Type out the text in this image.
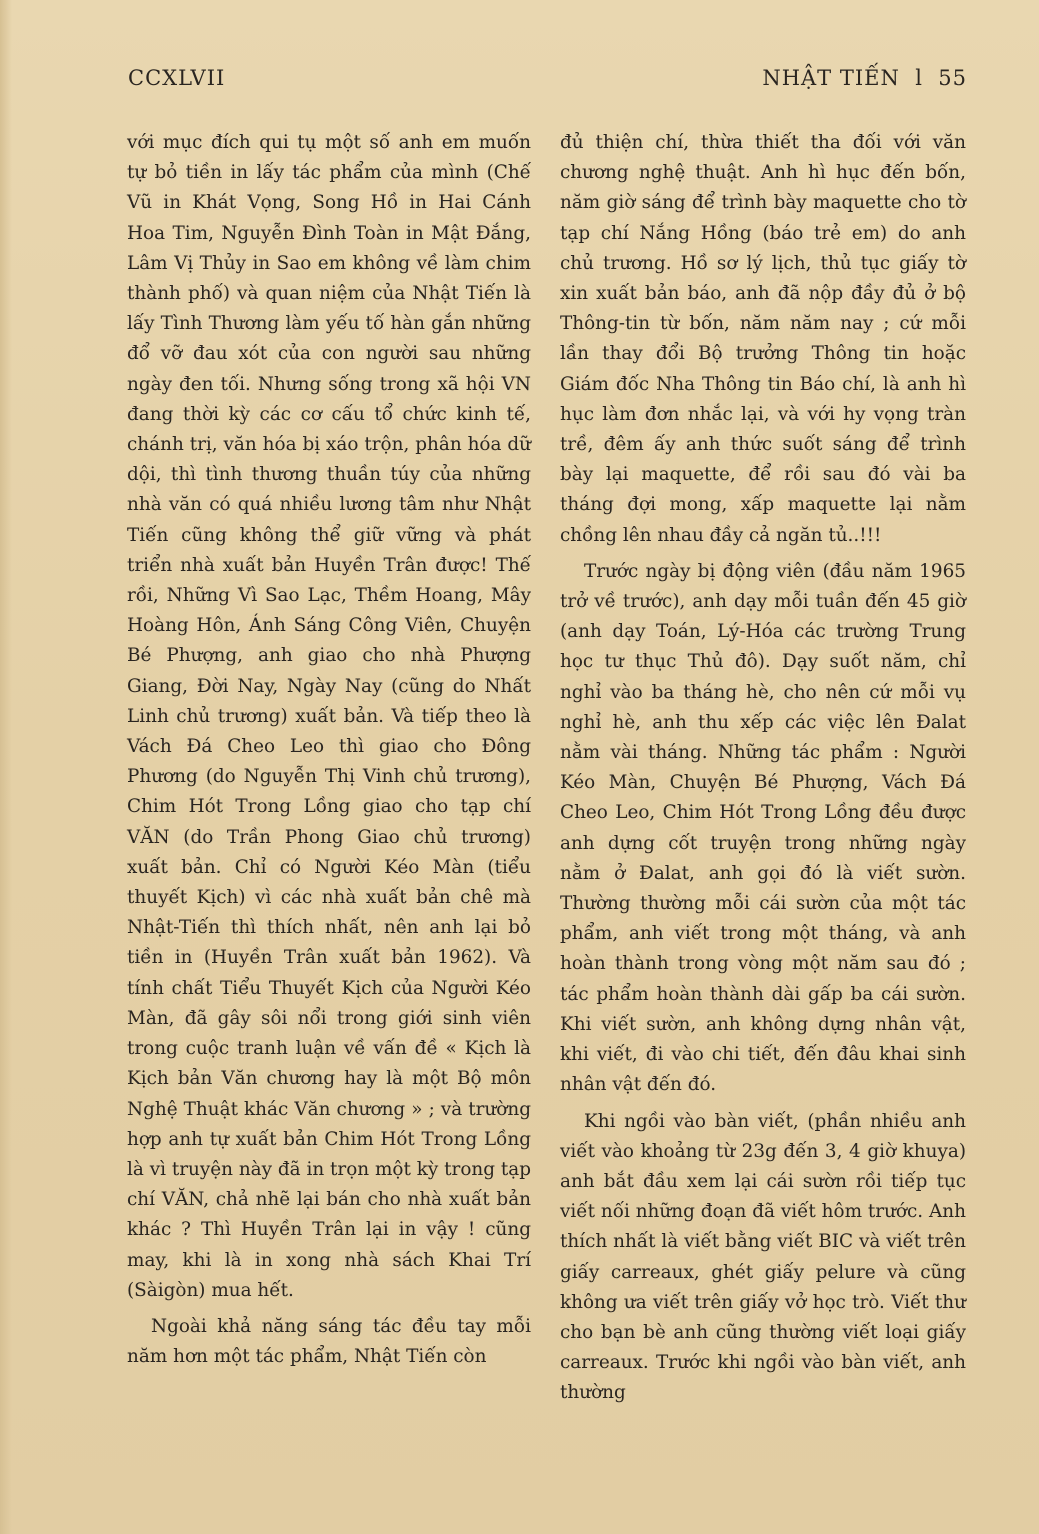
CCXLVII	NHẬT TIẾN  l  55

với mục đích qui tụ một số anh em muốn tự bỏ tiền in lấy tác phẩm của mình (Chế Vũ in Khát Vọng, Song Hồ in Hai Cánh Hoa Tim, Nguyễn Đình Toàn in Mật Đắng, Lâm Vị Thủy in Sao em không về làm chim thành phố) và quan niệm của Nhật Tiến là lấy Tình Thương làm yếu tố hàn gắn những đổ vỡ đau xót của con người sau những ngày đen tối. Nhưng sống trong xã hội VN đang thời kỳ các cơ cấu tổ chức kinh tế, chánh trị, văn hóa bị xáo trộn, phân hóa dữ dội, thì tình thương thuần túy của những nhà văn có quá nhiều lương tâm như Nhật Tiến cũng không thể giữ vững và phát triển nhà xuất bản Huyền Trân được! Thế rồi, Những Vì Sao Lạc, Thềm Hoang, Mây Hoàng Hôn, Ánh Sáng Công Viên, Chuyện Bé Phượng, anh giao cho nhà Phượng Giang, Đời Nay, Ngày Nay (cũng do Nhất Linh chủ trương) xuất bản. Và tiếp theo là Vách Đá Cheo Leo thì giao cho Đông Phương (do Nguyễn Thị Vinh chủ trương), Chim Hót Trong Lồng giao cho tạp chí VĂN (do Trần Phong Giao chủ trương) xuất bản. Chỉ có Người Kéo Màn (tiểu thuyết Kịch) vì các nhà xuất bản chê mà Nhật-Tiến thì thích nhất, nên anh lại bỏ tiền in (Huyền Trân xuất bản 1962). Và tính chất Tiểu Thuyết Kịch của Người Kéo Màn, đã gây sôi nổi trong giới sinh viên trong cuộc tranh luận về vấn đề « Kịch là Kịch bản Văn chương hay là một Bộ môn Nghệ Thuật khác Văn chương » ; và trường hợp anh tự xuất bản Chim Hót Trong Lồng là vì truyện này đã in trọn một kỳ trong tạp chí VĂN, chả nhẽ lại bán cho nhà xuất bản khác ? Thì Huyền Trân lại in vậy ! cũng may, khi là in xong nhà sách Khai Trí (Sàigòn) mua hết.

Ngoài khả năng sáng tác đều tay mỗi năm hơn một tác phẩm, Nhật Tiến còn

đủ thiện chí, thừa thiết tha đối với văn chương nghệ thuật. Anh hì hục đến bốn, năm giờ sáng để trình bày maquette cho tờ tạp chí Nắng Hồng (báo trẻ em) do anh chủ trương. Hồ sơ lý lịch, thủ tục giấy tờ xin xuất bản báo, anh đã nộp đầy đủ ở bộ Thông-tin từ bốn, năm năm nay ; cứ mỗi lần thay đổi Bộ trưởng Thông tin hoặc Giám đốc Nha Thông tin Báo chí, là anh hì hục làm đơn nhắc lại, và với hy vọng tràn trề, đêm ấy anh thức suốt sáng để trình bày lại maquette, để rồi sau đó vài ba tháng đợi mong, xấp maquette lại nằm chồng lên nhau đầy cả ngăn tủ..!!!

Trước ngày bị động viên (đầu năm 1965 trở về trước), anh dạy mỗi tuần đến 45 giờ (anh dạy Toán, Lý-Hóa các trường Trung học tư thục Thủ đô). Dạy suốt năm, chỉ nghỉ vào ba tháng hè, cho nên cứ mỗi vụ nghỉ hè, anh thu xếp các việc lên Đalat nằm vài tháng. Những tác phẩm : Người Kéo Màn, Chuyện Bé Phượng, Vách Đá Cheo Leo, Chim Hót Trong Lồng đều được anh dựng cốt truyện trong những ngày nằm ở Đalat, anh gọi đó là viết sườn. Thường thường mỗi cái sườn của một tác phẩm, anh viết trong một tháng, và anh hoàn thành trong vòng một năm sau đó ; tác phẩm hoàn thành dài gấp ba cái sườn. Khi viết sườn, anh không dựng nhân vật, khi viết, đi vào chi tiết, đến đâu khai sinh nhân vật đến đó.

Khi ngồi vào bàn viết, (phần nhiều anh viết vào khoảng từ 23g đến 3, 4 giờ khuya) anh bắt đầu xem lại cái sườn rồi tiếp tục viết nối những đoạn đã viết hôm trước. Anh thích nhất là viết bằng viết BIC và viết trên giấy carreaux, ghét giấy pelure và cũng không ưa viết trên giấy vở học trò. Viết thư cho bạn bè anh cũng thường viết loại giấy carreaux. Trước khi ngồi vào bàn viết, anh thường
